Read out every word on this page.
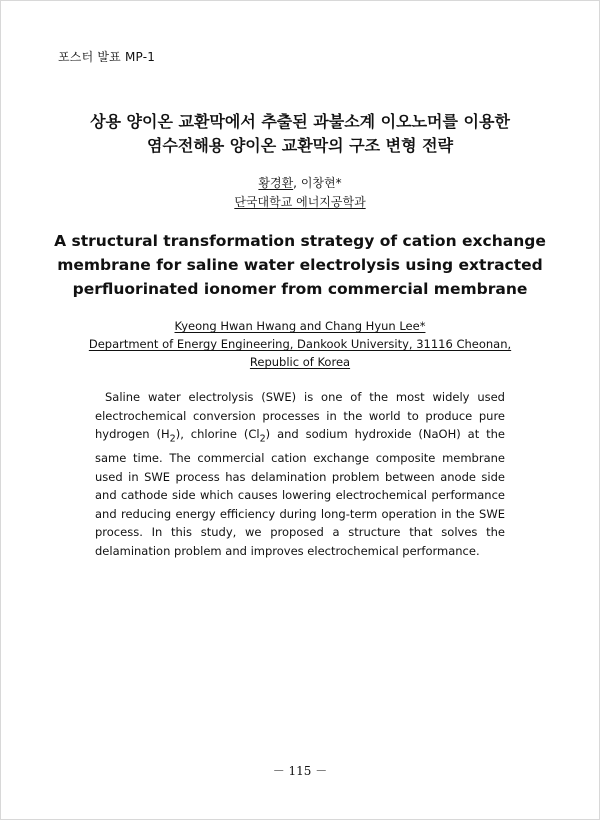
포스터 발표 MP-1
상용 양이온 교환막에서 추출된 과불소계 이오노머를 이용한
염수전해용 양이온 교환막의 구조 변형 전략
황경환, 이창현*
단국대학교 에너지공학과
A structural transformation strategy of cation exchange
membrane for saline water electrolysis using extracted
perfluorinated ionomer from commercial membrane
Kyeong Hwan Hwang and Chang Hyun Lee*
Department of Energy Engineering, Dankook University, 31116 Cheonan,
Republic of Korea

Saline water electrolysis (SWE) is one of the most widely used electrochemical conversion processes in the world to produce pure hydrogen $(H_2)$, chlorine $(Cl_2)$ and sodium hydroxide (NaOH) at the same time. The commercial cation exchange composite membrane used in SWE process has delamination problem between anode side and cathode side which causes lowering electrochemical performance and reducing energy efficiency during long-term operation in the SWE process. In this study, we proposed a structure that solves the delamination problem and improves electrochemical performance.

－ 115 －
